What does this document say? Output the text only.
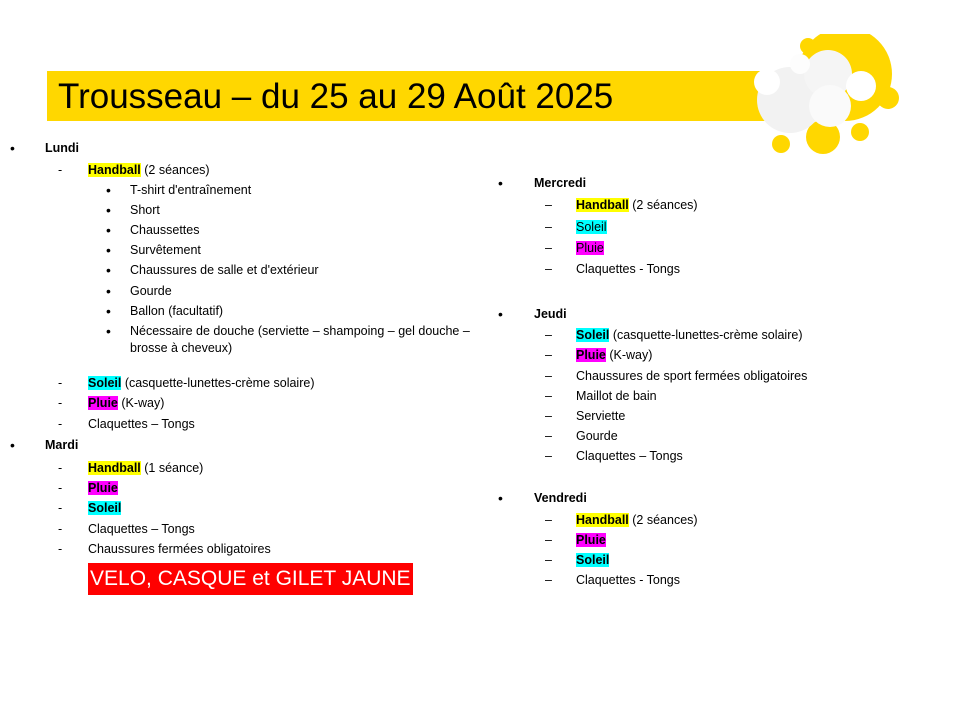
Trousseau – du 25 au 29 Août 2025
• Lundi
- Handball (2 séances)
• T-shirt d'entraînement
• Short
• Chaussettes
• Survêtement
• Chaussures de salle et d'extérieur
• Gourde
• Ballon (facultatif)
• Nécessaire de douche (serviette – shampoing – gel douche –
brosse à cheveux)
- Soleil (casquette-lunettes-crème solaire)
- Pluie (K-way)
- Claquettes – Tongs
• Mardi
- Handball (1 séance)
- Pluie
- Soleil
- Claquettes – Tongs
- Chaussures fermées obligatoires
VELO, CASQUE et GILET JAUNE
• Mercredi
– Handball (2 séances)
– Soleil
– Pluie
– Claquettes - Tongs
• Jeudi
– Soleil (casquette-lunettes-crème solaire)
– Pluie (K-way)
– Chaussures de sport fermées obligatoires
– Maillot de bain
– Serviette
– Gourde
– Claquettes – Tongs
• Vendredi
– Handball (2 séances)
– Pluie
– Soleil
– Claquettes - Tongs
